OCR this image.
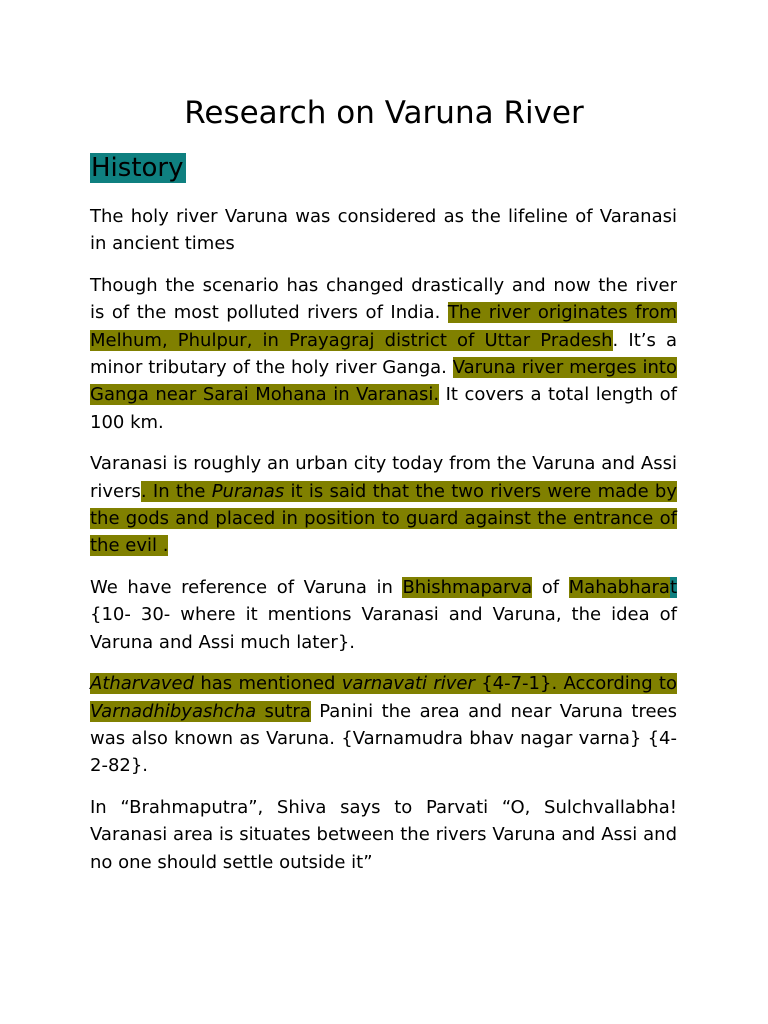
Research on Varuna River
History

The holy river Varuna was considered as the lifeline of Varanasi in ancient times

Though the scenario has changed drastically and now the river is of the most polluted rivers of India. The river originates from Melhum, Phulpur, in Prayagraj district of Uttar Pradesh. It’s a minor tributary of the holy river Ganga. Varuna river merges into Ganga near Sarai Mohana in Varanasi. It covers a total length of 100 km.

Varanasi is roughly an urban city today from the Varuna and Assi rivers. In the Puranas it is said that the two rivers were made by the gods and placed in position to guard against the entrance of the evil .

We have reference of Varuna in Bhishmaparva of Mahabharat {10- 30- where it mentions Varanasi and Varuna, the idea of Varuna and Assi much later}.

Atharvaved has mentioned varnavati river {4-7-1}. According to Varnadhibyashcha sutra Panini the area and near Varuna trees was also known as Varuna. {Varnamudra bhav nagar varna} {4-2-82}.

In “Brahmaputra”, Shiva says to Parvati “O, Sulchvallabha! Varanasi area is situates between the rivers Varuna and Assi and no one should settle outside it”
